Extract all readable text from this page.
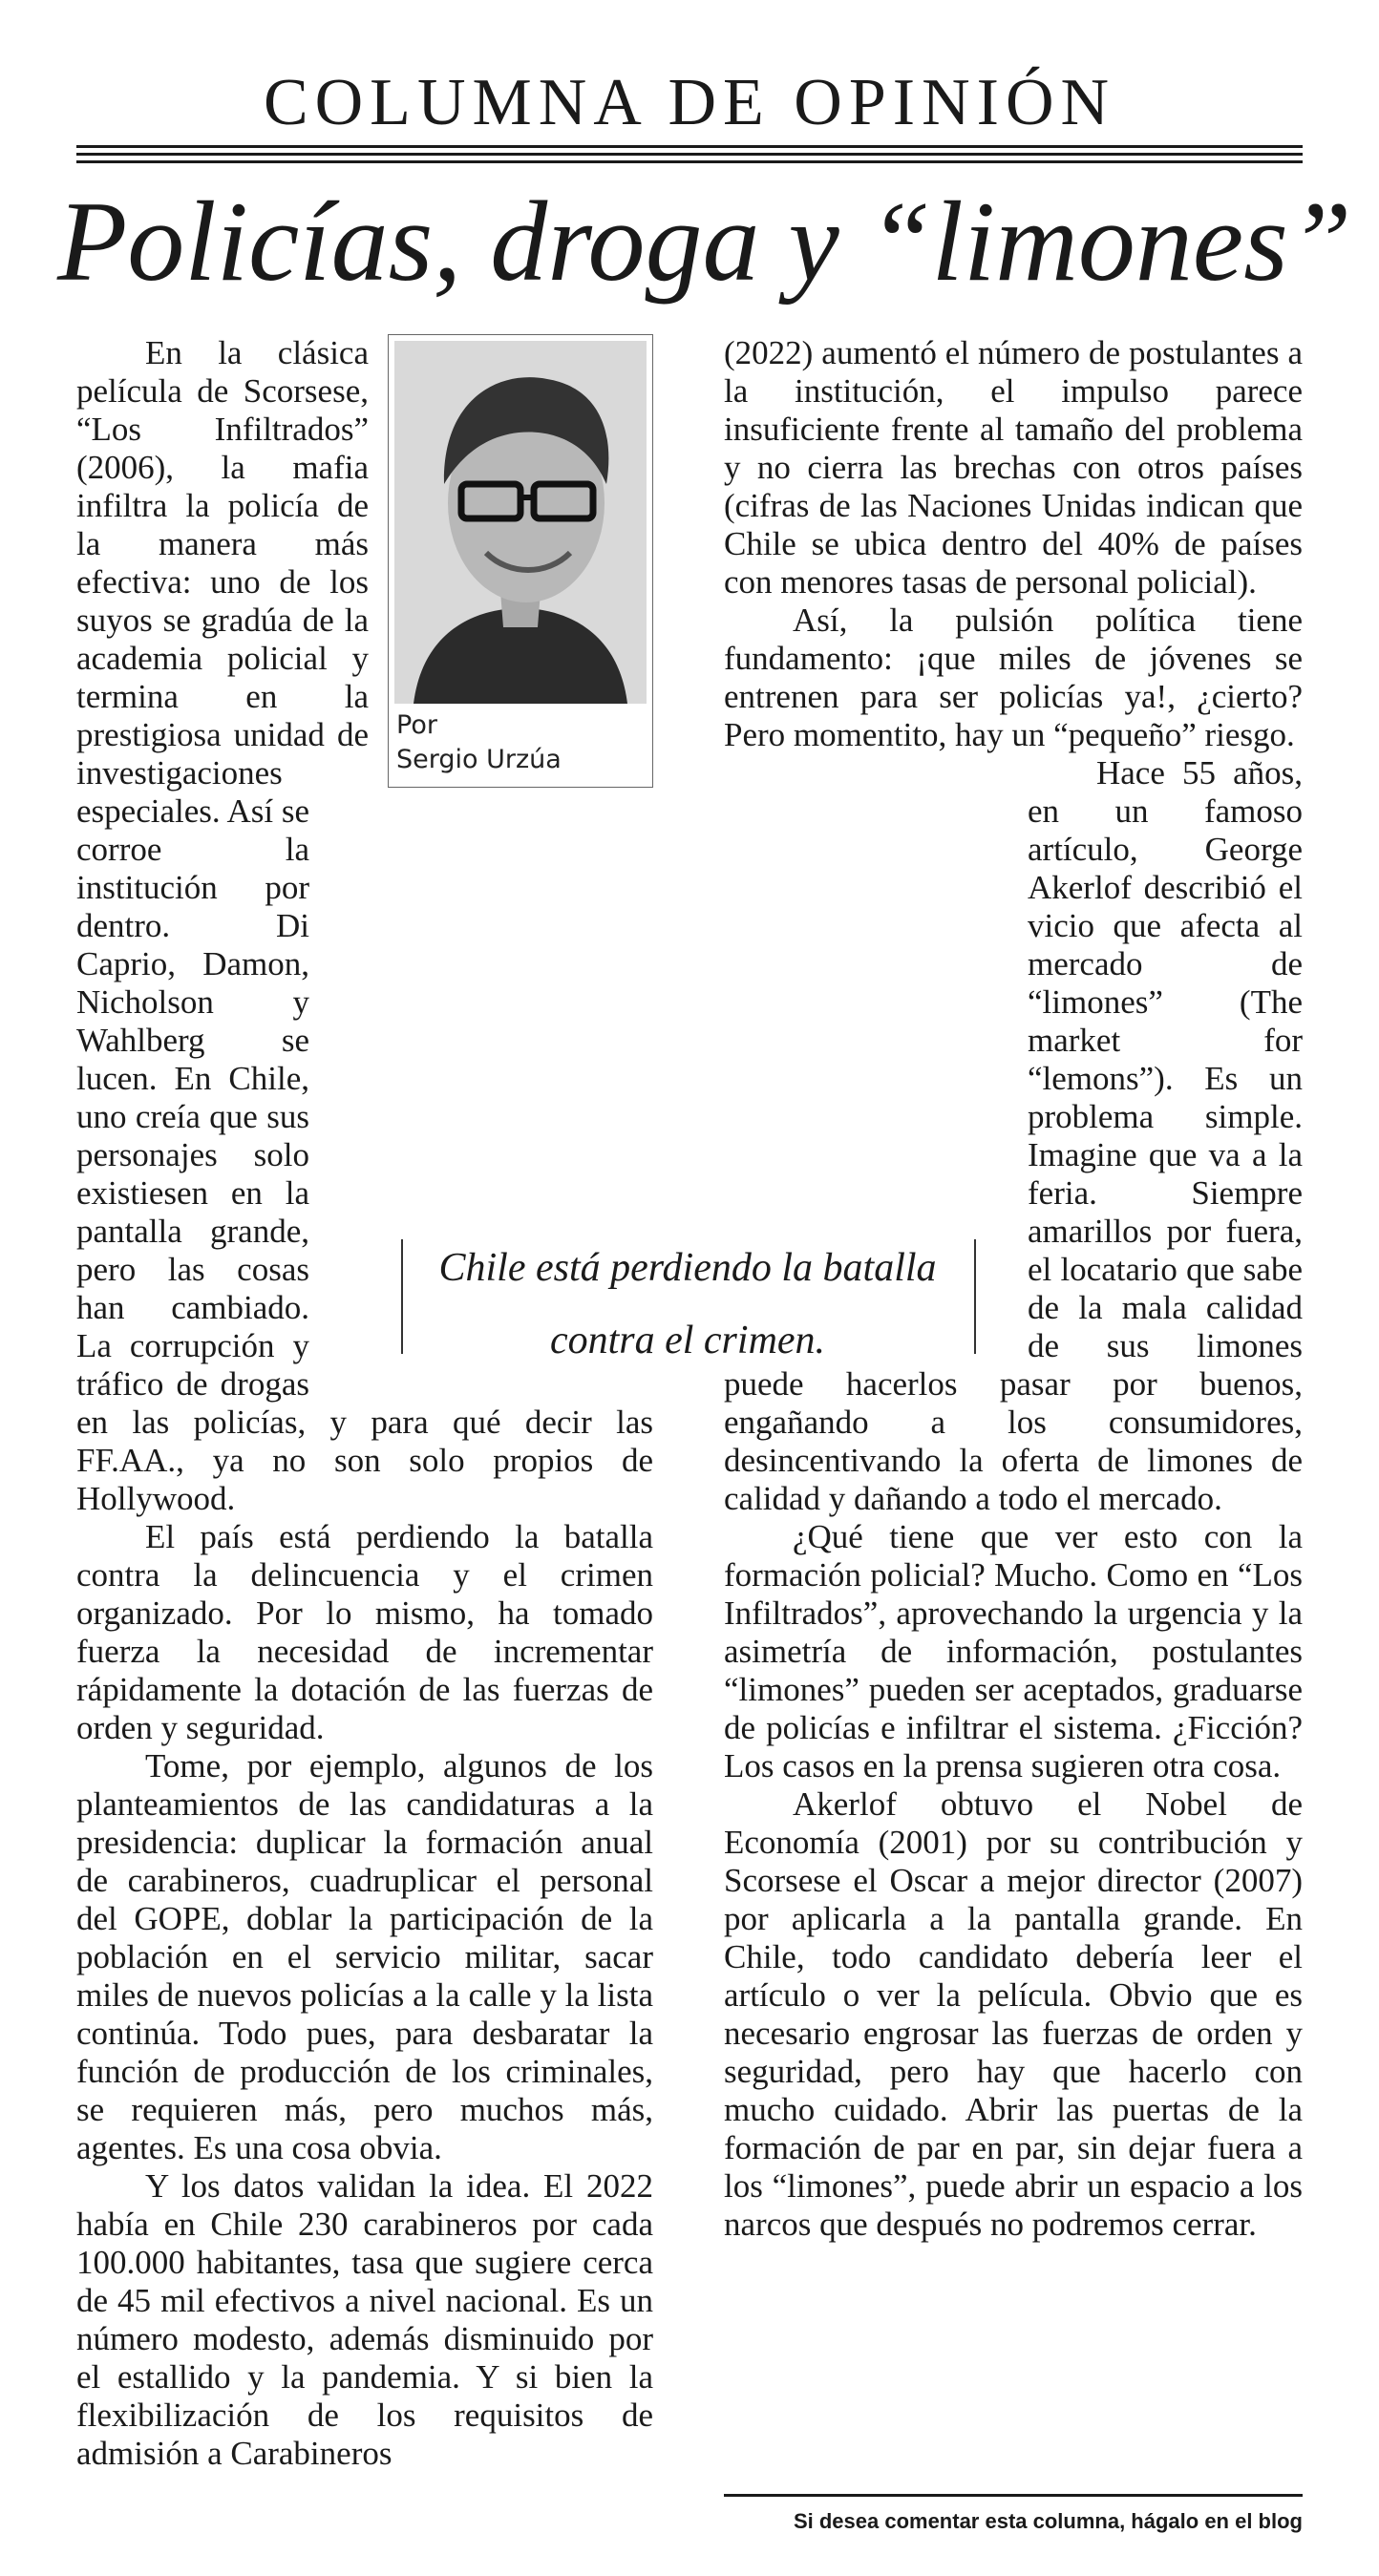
COLUMNA DE OPINIÓN
Policías, droga y “limones”
Por
Sergio Urzúa

En la clásica película de Scorsese, “Los Infiltrados” (2006), la mafia infiltra la policía de la manera más efectiva: uno de los suyos se gradúa de la academia policial y termina en la prestigiosa unidad de investigaciones especiales. Así se corroe la institución por dentro. Di Caprio, Damon, Nicholson y Wahlberg se lucen. En Chile, uno creía que sus personajes solo existiesen en la pantalla grande, pero las cosas han cambiado. La corrupción y tráfico de drogas en las policías, y para qué decir las FF.AA., ya no son solo propios de Hollywood.

El país está perdiendo la batalla contra la delincuencia y el crimen organizado. Por lo mismo, ha tomado fuerza la necesidad de incrementar rápidamente la dotación de las fuerzas de orden y seguridad.

Tome, por ejemplo, algunos de los planteamientos de las candidaturas a la presidencia: duplicar la formación anual de carabineros, cuadruplicar el personal del GOPE, doblar la participación de la población en el servicio militar, sacar miles de nuevos policías a la calle y la lista continúa. Todo pues, para desbaratar la función de producción de los criminales, se requieren más, pero muchos más, agentes. Es una cosa obvia.

Y los datos validan la idea. El 2022 había en Chile 230 carabineros por cada 100.000 habitantes, tasa que sugiere cerca de 45 mil efectivos a nivel nacional. Es un número modesto, además disminuido por el estallido y la pandemia. Y si bien la flexibilización de los requisitos de admisión a Carabineros

(2022) aumentó el número de postulantes a la institución, el impulso parece insuficiente frente al tamaño del problema y no cierra las brechas con otros países (cifras de las Naciones Unidas indican que Chile se ubica dentro del 40% de países con menores tasas de personal policial).

Así, la pulsión política tiene fundamento: ¡que miles de jóvenes se entrenen para ser policías ya!, ¿cierto? Pero momentito, hay un “pequeño” riesgo.

Hace 55 años, en un famoso artículo, George Akerlof describió el vicio que afecta al mercado de “limones” (The market for “lemons”). Es un problema simple. Imagine que va a la feria. Siempre amarillos por fuera, el locatario que sabe de la mala calidad de sus limones puede hacerlos pasar por buenos, engañando a los consumidores, desincentivando la oferta de limones de calidad y dañando a todo el mercado.

¿Qué tiene que ver esto con la formación policial? Mucho. Como en “Los Infiltrados”, aprovechando la urgencia y la asimetría de información, postulantes “limones” pueden ser aceptados, graduarse de policías e infiltrar el sistema. ¿Ficción? Los casos en la prensa sugieren otra cosa.

Akerlof obtuvo el Nobel de Economía (2001) por su contribución y Scorsese el Oscar a mejor director (2007) por aplicarla a la pantalla grande. En Chile, todo candidato debería leer el artículo o ver la película. Obvio que es necesario engrosar las fuerzas de orden y seguridad, pero hay que hacerlo con mucho cuidado. Abrir las puertas de la formación de par en par, sin dejar fuera a los “limones”, puede abrir un espacio a los narcos que después no podremos cerrar.

Chile está perdiendo la batalla contra el crimen.
Si desea comentar esta columna, hágalo en el blog
